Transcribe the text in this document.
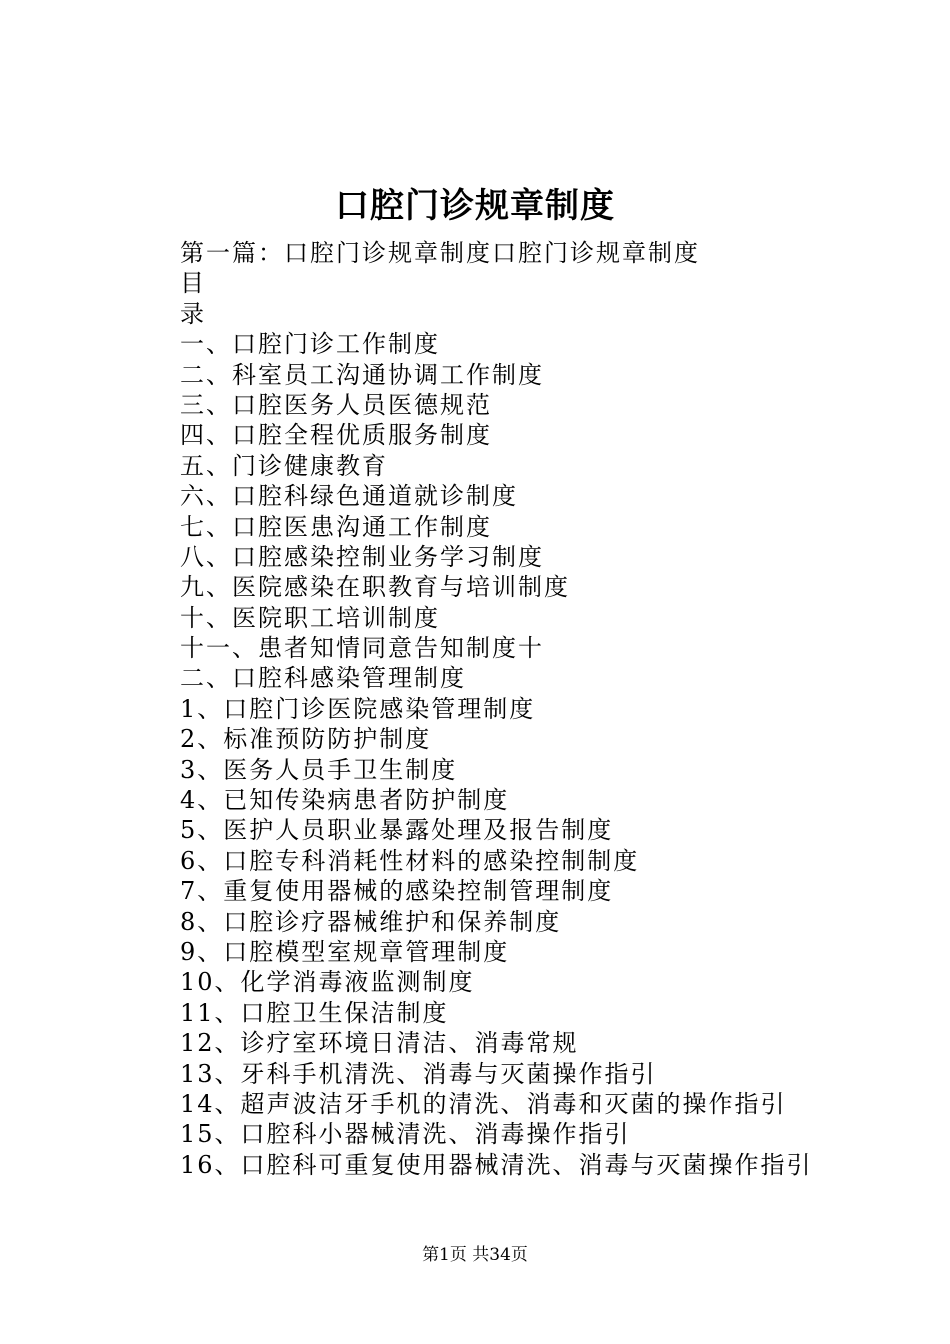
口腔门诊规章制度
第一篇：口腔门诊规章制度口腔门诊规章制度
目
录
一、口腔门诊工作制度
二、科室员工沟通协调工作制度
三、口腔医务人员医德规范
四、口腔全程优质服务制度
五、门诊健康教育
六、口腔科绿色通道就诊制度
七、口腔医患沟通工作制度
八、口腔感染控制业务学习制度
九、医院感染在职教育与培训制度
十、医院职工培训制度
十一、患者知情同意告知制度十
二、口腔科感染管理制度
1、口腔门诊医院感染管理制度
2、标准预防防护制度
3、医务人员手卫生制度
4、已知传染病患者防护制度
5、医护人员职业暴露处理及报告制度
6、口腔专科消耗性材料的感染控制制度
7、重复使用器械的感染控制管理制度
8、口腔诊疗器械维护和保养制度
9、口腔模型室规章管理制度
10、化学消毒液监测制度
11、口腔卫生保洁制度
12、诊疗室环境日清洁、消毒常规
13、牙科手机清洗、消毒与灭菌操作指引
14、超声波洁牙手机的清洗、消毒和灭菌的操作指引
15、口腔科小器械清洗、消毒操作指引
16、口腔科可重复使用器械清洗、消毒与灭菌操作指引
第1页 共34页
